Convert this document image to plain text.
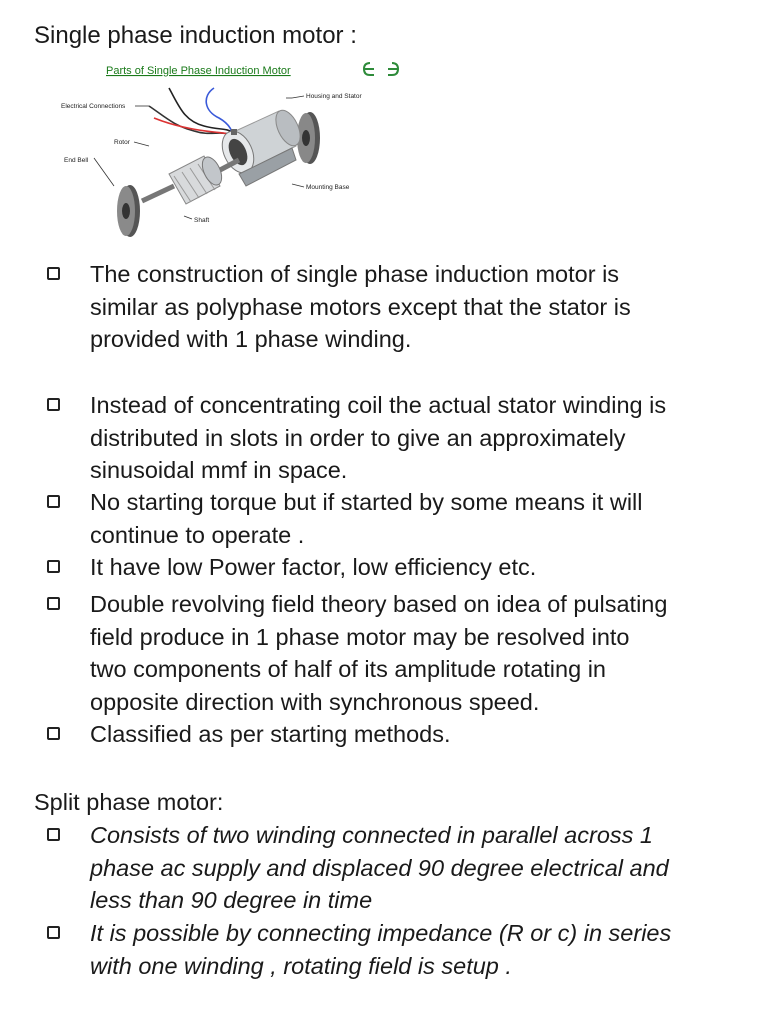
Single phase induction motor :
Parts of Single Phase Induction Motor
Electrical Connections
Housing and Stator
Rotor
End Bell
Mounting Base
Shaft
The construction of single phase induction motor is
similar as polyphase motors except that the stator is
provided with 1 phase winding.
Instead of concentrating coil the actual stator winding is
distributed in slots in order to give an approximately
sinusoidal mmf in space.
No starting torque but if started by some means it will
continue to operate .
It have low Power factor, low efficiency etc.
Double revolving field theory based on idea of pulsating
field produce in 1 phase motor may be resolved into
two components of half of its amplitude rotating in
opposite direction with synchronous speed.
Classified as per starting methods.
Split phase motor:
Consists of two winding connected in parallel across 1
phase ac supply and displaced 90 degree electrical and
less than 90 degree in time
It is possible by connecting impedance (R or c) in series
with one winding , rotating field is setup .
